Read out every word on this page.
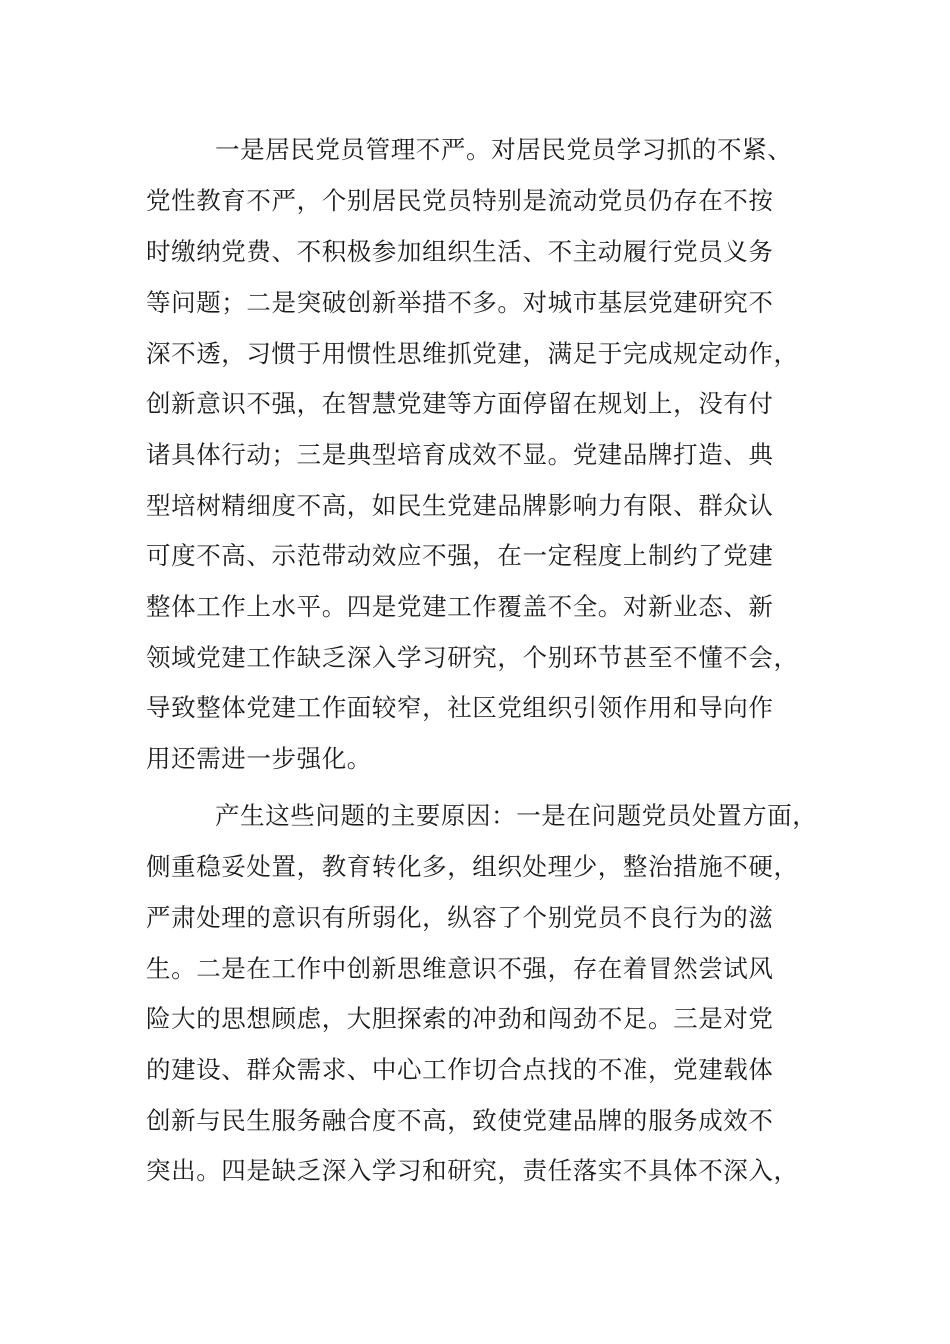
一是居民党员管理不严。对居民党员学习抓的不紧、
党性教育不严，个别居民党员特别是流动党员仍存在不按
时缴纳党费、不积极参加组织生活、不主动履行党员义务
等问题；二是突破创新举措不多。对城市基层党建研究不
深不透，习惯于用惯性思维抓党建，满足于完成规定动作，
创新意识不强，在智慧党建等方面停留在规划上，没有付
诸具体行动；三是典型培育成效不显。党建品牌打造、典
型培树精细度不高，如民生党建品牌影响力有限、群众认
可度不高、示范带动效应不强，在一定程度上制约了党建
整体工作上水平。四是党建工作覆盖不全。对新业态、新
领域党建工作缺乏深入学习研究，个别环节甚至不懂不会，
导致整体党建工作面较窄，社区党组织引领作用和导向作
用还需进一步强化。
产生这些问题的主要原因：一是在问题党员处置方面，
侧重稳妥处置，教育转化多，组织处理少，整治措施不硬，
严肃处理的意识有所弱化，纵容了个别党员不良行为的滋
生。二是在工作中创新思维意识不强，存在着冒然尝试风
险大的思想顾虑，大胆探索的冲劲和闯劲不足。三是对党
的建设、群众需求、中心工作切合点找的不准，党建载体
创新与民生服务融合度不高，致使党建品牌的服务成效不
突出。四是缺乏深入学习和研究，责任落实不具体不深入，
